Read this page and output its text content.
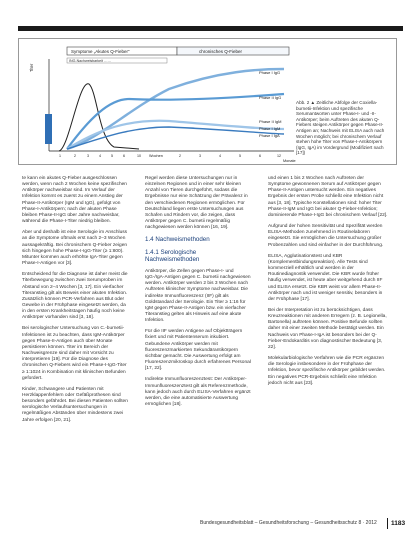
Symptome „Akutes Q-Fieber“	chronisches Q-Fieber
ING-Nachweisbarkeit ……
Titer
Fieber
Phase I IgG
Phase II IgG
Phase II IgM
Phase I IgM
Phase I IgA
1	2	3	4	5	6	10	2	3	4	5	6	12
Wochen
Monate
Abb. 2 ▲ Zeitliche Abfolge der Coxiella-burnetii-Infektion und spezifische Serumantworten unter Phase-I- und -II-Antikörper; beim Auftreten des akuten Q-Fiebers steigen Antikörper gegen Phase-II-Antigen an; Nachweis mit ELISA auch nach Wochen möglich; bei chronischem Verlauf stehen hohe Titer von Phase-I-Antikörpern (IgG, IgA) im Vordergrund (Modifiziert nach [17])

te kann ein akutes Q-Fieber ausgeschlossen werden, wenn nach 2 Wochen keine spezifischen Antikörper nachweisbar sind. Im Verlauf der Infektion kommt es zuerst zu einem Anstieg der Phase-II-Antikörper (IgM und IgG), gefolgt von Phase-I-Antikörpern; nach der akuten Phase bleiben Phase-II-IgG über Jahre nachweisbar, während die Phase-I-Titer niedrig bleiben.

Aber und deshalb ist eine Serologie im Anschluss an die Symptome oftmals erst nach 2–3 Wochen aussagekräftig. Bei chronischem Q-Fieber zeigen sich hingegen hohe Phase-I-IgG-Titer (≥ 1:800). Mitunter kommen auch erhöhte IgA-Titer gegen Phase-I-Antigen vor [3].

Entscheidend für die Diagnose ist daher meist die Titerbewegung zwischen zwei Serumproben im Abstand von 2–4 Wochen [3, 17]. Ein vierfacher Titeranstieg gilt als Beweis einer akuten Infektion. Zusätzlich können PCR-Verfahren aus Blut oder Gewebe in der Frühphase eingesetzt werden, da in den ersten Krankheitstagen häufig noch keine Antikörper vorhanden sind [3, 18].

Bei serologischer Untersuchung von C.-burnetii-Infektionen ist zu beachten, dass IgM-Antikörper gegen Phase-II-Antigen auch über Monate persistieren können. Titer im Bereich der Nachweisgrenze sind daher mit Vorsicht zu interpretieren [19]. Für die Diagnose des chronischen Q-Fiebers wird ein Phase-I-IgG-Titer ≥ 1:1024 in Kombination mit klinischen Befunden gefordert.

Kinder, Schwangere und Patienten mit Herzklappenfehlern oder Gefäßprothesen sind besonders gefährdet. Bei diesen Patienten sollten serologische Verlaufsuntersuchungen in regelmäßigen Abständen über mindestens zwei Jahre erfolgen [20, 21].

Regel werden diese Untersuchungen nur in einzelnen Regionen und in einer sehr kleinen Anzahl von Tieren durchgeführt, sodass die Ergebnisse nur eine Schätzung der Prävalenz in den verschiedenen Regionen ermöglichen. Für Deutschland liegen erste Untersuchungen aus Schafen und Rindern vor, die zeigen, dass Antikörper gegen C. burnetii regelmäßig nachgewiesen werden können [16, 19].

1.4 Nachweismethoden

1.4.1 Serologische Nachweismethoden

Antikörper, die Zellen gegen Phase-I- und IgG-/IgA-Antigen gegen C. burnetii nachgewiesen werden. Antikörper werden 2 bis 3 Wochen nach Auftreten klinischer Symptome nachweisbar. Die indirekte Immunfluoreszenz (IIF) gilt als Goldstandard der Serologie. Ein Titer ≥ 1:16 für IgM gegen Phase-II-Antigen bzw. ein vierfacher Titeranstieg gelten als Hinweis auf eine akute Infektion.

Für die IIF werden Antigene auf Objektträgern fixiert und mit Patientenserum inkubiert. Gebundene Antikörper werden mit fluoreszenzmarkierten Sekundärantikörpern sichtbar gemacht. Die Auswertung erfolgt am Fluoreszenzmikroskop durch erfahrenes Personal [17, 22].

Indirekte Immunfluoreszenztest: Der Antikörper-Immunfluoreszenztest gilt als Referenzmethode, kann jedoch auch durch ELISA-Verfahren ergänzt werden, die eine automatisierte Auswertung ermöglichen [18].

und einen 1 bis 2 Wochen nach Auftreten der Symptome gewonnenen Serum auf Antikörper gegen Phase-II-Antigen untersucht werden. Ein negatives Ergebnis der ersten Probe schließt eine Infektion nicht aus [3, 18]. Typische Konstellationen sind: hoher Titer Phase-II-IgM und IgG bei akuter Q-Fieber-Infektion; dominierende Phase-I-IgG bei chronischem Verlauf [22].

Aufgrund der hohen Sensitivität und Spezifität werden ELISA-Methoden zunehmend in Routinelaboren eingesetzt. Sie ermöglichen die Untersuchung großer Probenzahlen und sind einfacher in der Durchführung.

ELISA, Agglutinationstest und KBR (Komplementbindungsreaktion). Alle Tests sind kommerziell erhältlich und werden in der Routinediagnostik verwendet. Die KBR wurde früher häufig verwendet, ist heute aber weitgehend durch IIF und ELISA ersetzt. Die KBR weist vor allem Phase-II-Antikörper nach und ist weniger sensitiv, besonders in der Frühphase [17].

Bei der Interpretation ist zu berücksichtigen, dass Kreuzreaktionen mit anderen Erregern (z. B. Legionella, Bartonella) auftreten können. Positive Befunde sollten daher mit einer zweiten Methode bestätigt werden. Ein Nachweis von Phase-I-IgA ist besonders bei der Q-Fieber-Endokarditis von diagnostischer Bedeutung [3, 22].

Molekularbiologische Verfahren wie die PCR ergänzen die Serologie insbesondere in der Frühphase der Infektion, bevor spezifische Antikörper gebildet werden. Ein negatives PCR-Ergebnis schließt eine Infektion jedoch nicht aus [23].

Bundesgesundheitsblatt – Gesundheitsforschung – Gesundheitsschutz 8 · 2012	1183
